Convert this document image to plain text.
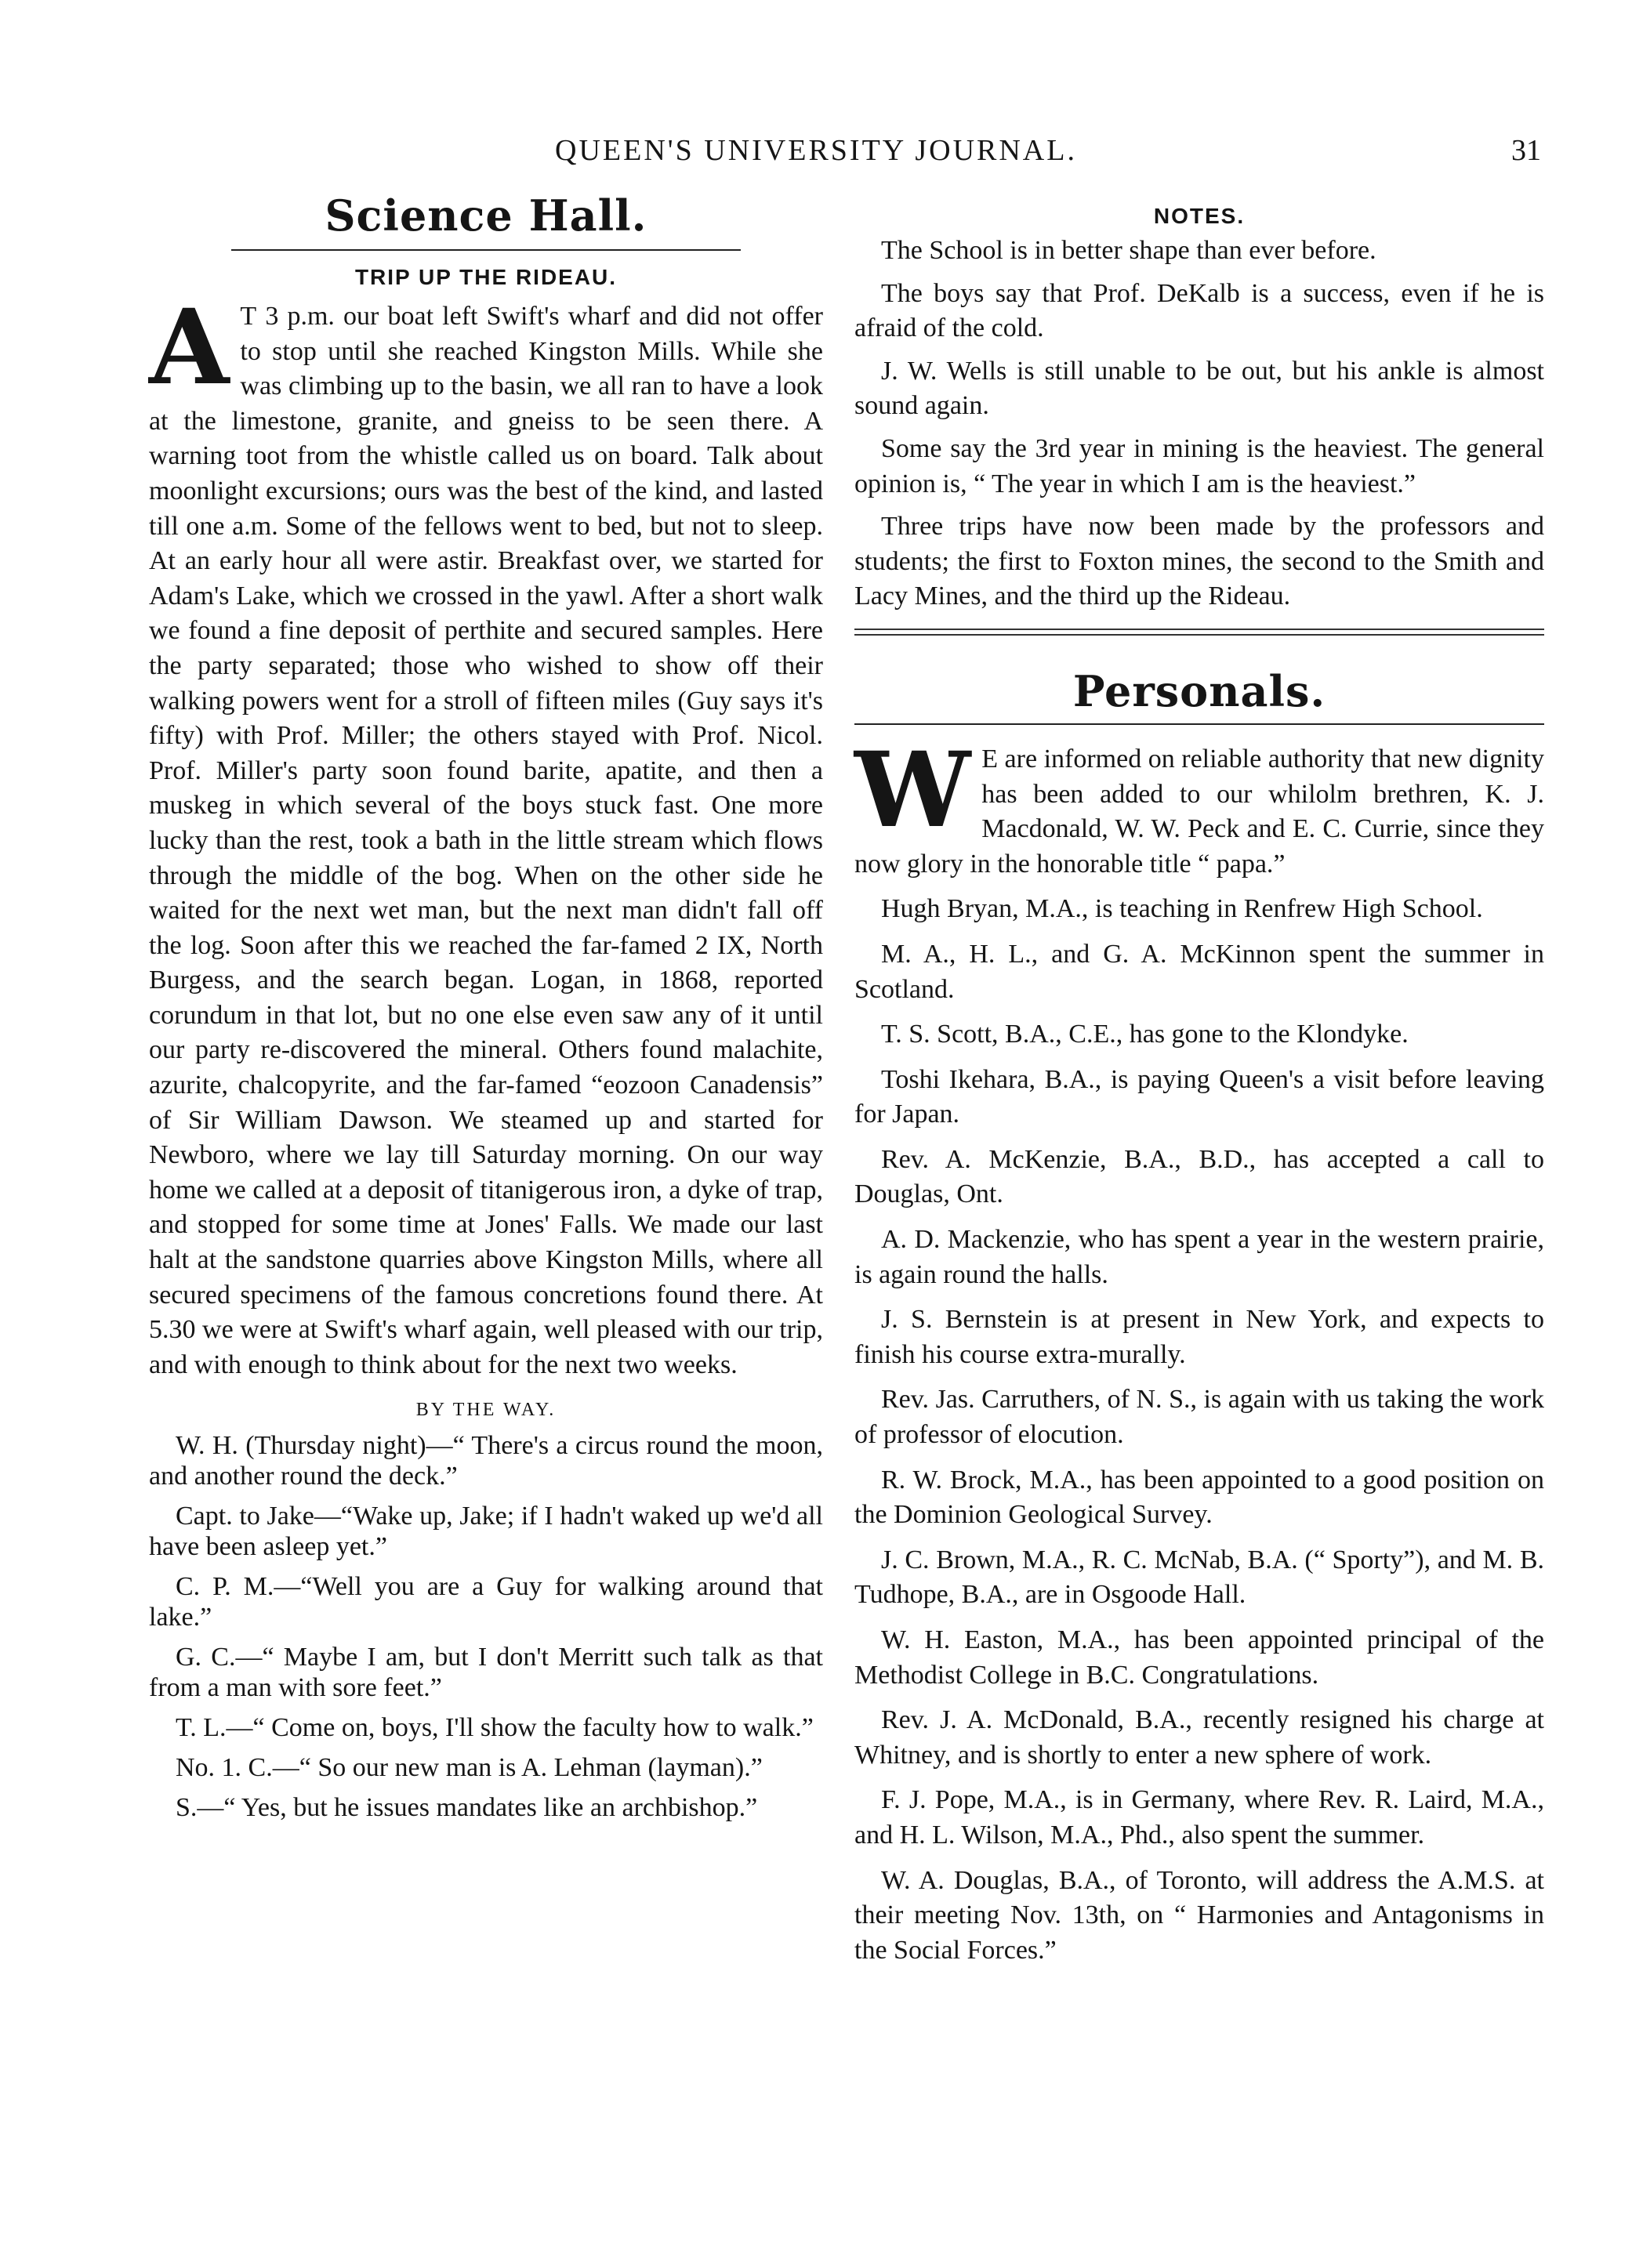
QUEEN'S UNIVERSITY JOURNAL.	31
Science Hall.
TRIP UP THE RIDEAU.

A T 3 p.m. our boat left Swift's wharf and did not offer to stop until she reached Kingston Mills. While she was climbing up to the basin, we all ran to have a look at the limestone, granite, and gneiss to be seen there. A warning toot from the whistle called us on board. Talk about moonlight excursions; ours was the best of the kind, and lasted till one a.m. Some of the fellows went to bed, but not to sleep. At an early hour all were astir. Breakfast over, we started for Adam's Lake, which we crossed in the yawl. After a short walk we found a fine deposit of perthite and secured samples. Here the party separated; those who wished to show off their walking powers went for a stroll of fifteen miles (Guy says it's fifty) with Prof. Miller; the others stayed with Prof. Nicol. Prof. Miller's party soon found barite, apatite, and then a muskeg in which several of the boys stuck fast. One more lucky than the rest, took a bath in the little stream which flows through the middle of the bog. When on the other side he waited for the next wet man, but the next man didn't fall off the log. Soon after this we reached the far-famed 2 IX, North Burgess, and the search began. Logan, in 1868, reported corundum in that lot, but no one else even saw any of it until our party re-discovered the mineral. Others found malachite, azurite, chalcopyrite, and the far-famed “eozoon Canadensis” of Sir William Dawson. We steamed up and started for Newboro, where we lay till Saturday morning. On our way home we called at a deposit of titanigerous iron, a dyke of trap, and stopped for some time at Jones' Falls. We made our last halt at the sandstone quarries above Kingston Mills, where all secured specimens of the famous concretions found there. At 5.30 we were at Swift's wharf again, well pleased with our trip, and with enough to think about for the next two weeks.

BY THE WAY.

W. H. (Thursday night)—“ There's a circus round the moon, and another round the deck.”

Capt. to Jake—“Wake up, Jake; if I hadn't waked up we'd all have been asleep yet.”

C. P. M.—“Well you are a Guy for walking around that lake.”

G. C.—“ Maybe I am, but I don't Merritt such talk as that from a man with sore feet.”

T. L.—“ Come on, boys, I'll show the faculty how to walk.”

No. 1. C.—“ So our new man is A. Lehman (layman).”

S.—“ Yes, but he issues mandates like an archbishop.”

NOTES.

The School is in better shape than ever before.

The boys say that Prof. DeKalb is a success, even if he is afraid of the cold.

J. W. Wells is still unable to be out, but his ankle is almost sound again.

Some say the 3rd year in mining is the heaviest. The general opinion is, “ The year in which I am is the heaviest.”

Three trips have now been made by the professors and students; the first to Foxton mines, the second to the Smith and Lacy Mines, and the third up the Rideau.

Personals.

W E are informed on reliable authority that new dignity has been added to our whilolm brethren, K. J. Macdonald, W. W. Peck and E. C. Currie, since they now glory in the honorable title “ papa.”

Hugh Bryan, M.A., is teaching in Renfrew High School.

M. A., H. L., and G. A. McKinnon spent the summer in Scotland.

T. S. Scott, B.A., C.E., has gone to the Klondyke.

Toshi Ikehara, B.A., is paying Queen's a visit before leaving for Japan.

Rev. A. McKenzie, B.A., B.D., has accepted a call to Douglas, Ont.

A. D. Mackenzie, who has spent a year in the western prairie, is again round the halls.

J. S. Bernstein is at present in New York, and expects to finish his course extra-murally.

Rev. Jas. Carruthers, of N. S., is again with us taking the work of professor of elocution.

R. W. Brock, M.A., has been appointed to a good position on the Dominion Geological Survey.

J. C. Brown, M.A., R. C. McNab, B.A. (“ Sporty”), and M. B. Tudhope, B.A., are in Osgoode Hall.

W. H. Easton, M.A., has been appointed principal of the Methodist College in B.C. Congratulations.

Rev. J. A. McDonald, B.A., recently resigned his charge at Whitney, and is shortly to enter a new sphere of work.

F. J. Pope, M.A., is in Germany, where Rev. R. Laird, M.A., and H. L. Wilson, M.A., Phd., also spent the summer.

W. A. Douglas, B.A., of Toronto, will address the A.M.S. at their meeting Nov. 13th, on “ Harmonies and Antagonisms in the Social Forces.”
